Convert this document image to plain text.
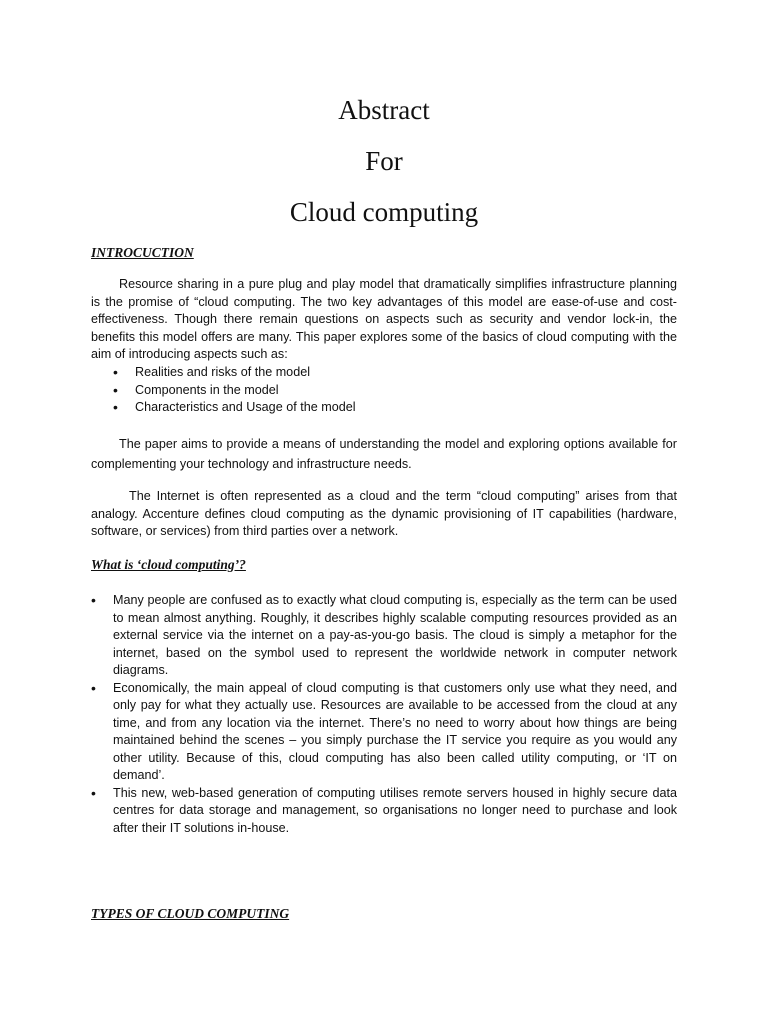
Abstract
For
Cloud computing
INTROCUCTION

Resource sharing in a pure plug and play model that dramatically simplifies infrastructure planning is the promise of “cloud computing. The two key advantages of this model are ease-of-use and cost-effectiveness. Though there remain questions on aspects such as security and vendor lock-in, the benefits this model offers are many. This paper explores some of the basics of cloud computing with the aim of introducing aspects such as:

• Realities and risks of the model
• Components in the model
• Characteristics and Usage of the model

The paper aims to provide a means of understanding the model and exploring options available for complementing your technology and infrastructure needs.

The Internet is often represented as a cloud and the term “cloud computing” arises from that analogy. Accenture defines cloud computing as the dynamic provisioning of IT capabilities (hardware, software, or services) from third parties over a network.

What is ‘cloud computing’?
• Many people are confused as to exactly what cloud computing is, especially as the term can be used to mean almost anything. Roughly, it describes highly scalable computing resources provided as an external service via the internet on a pay-as-you-go basis. The cloud is simply a metaphor for the internet, based on the symbol used to represent the worldwide network in computer network diagrams.
• Economically, the main appeal of cloud computing is that customers only use what they need, and only pay for what they actually use. Resources are available to be accessed from the cloud at any time, and from any location via the internet. There’s no need to worry about how things are being maintained behind the scenes – you simply purchase the IT service you require as you would any other utility. Because of this, cloud computing has also been called utility computing, or ‘IT on demand’.
• This new, web-based generation of computing utilises remote servers housed in highly secure data centres for data storage and management, so organisations no longer need to purchase and look after their IT solutions in-house.
TYPES OF CLOUD COMPUTING
